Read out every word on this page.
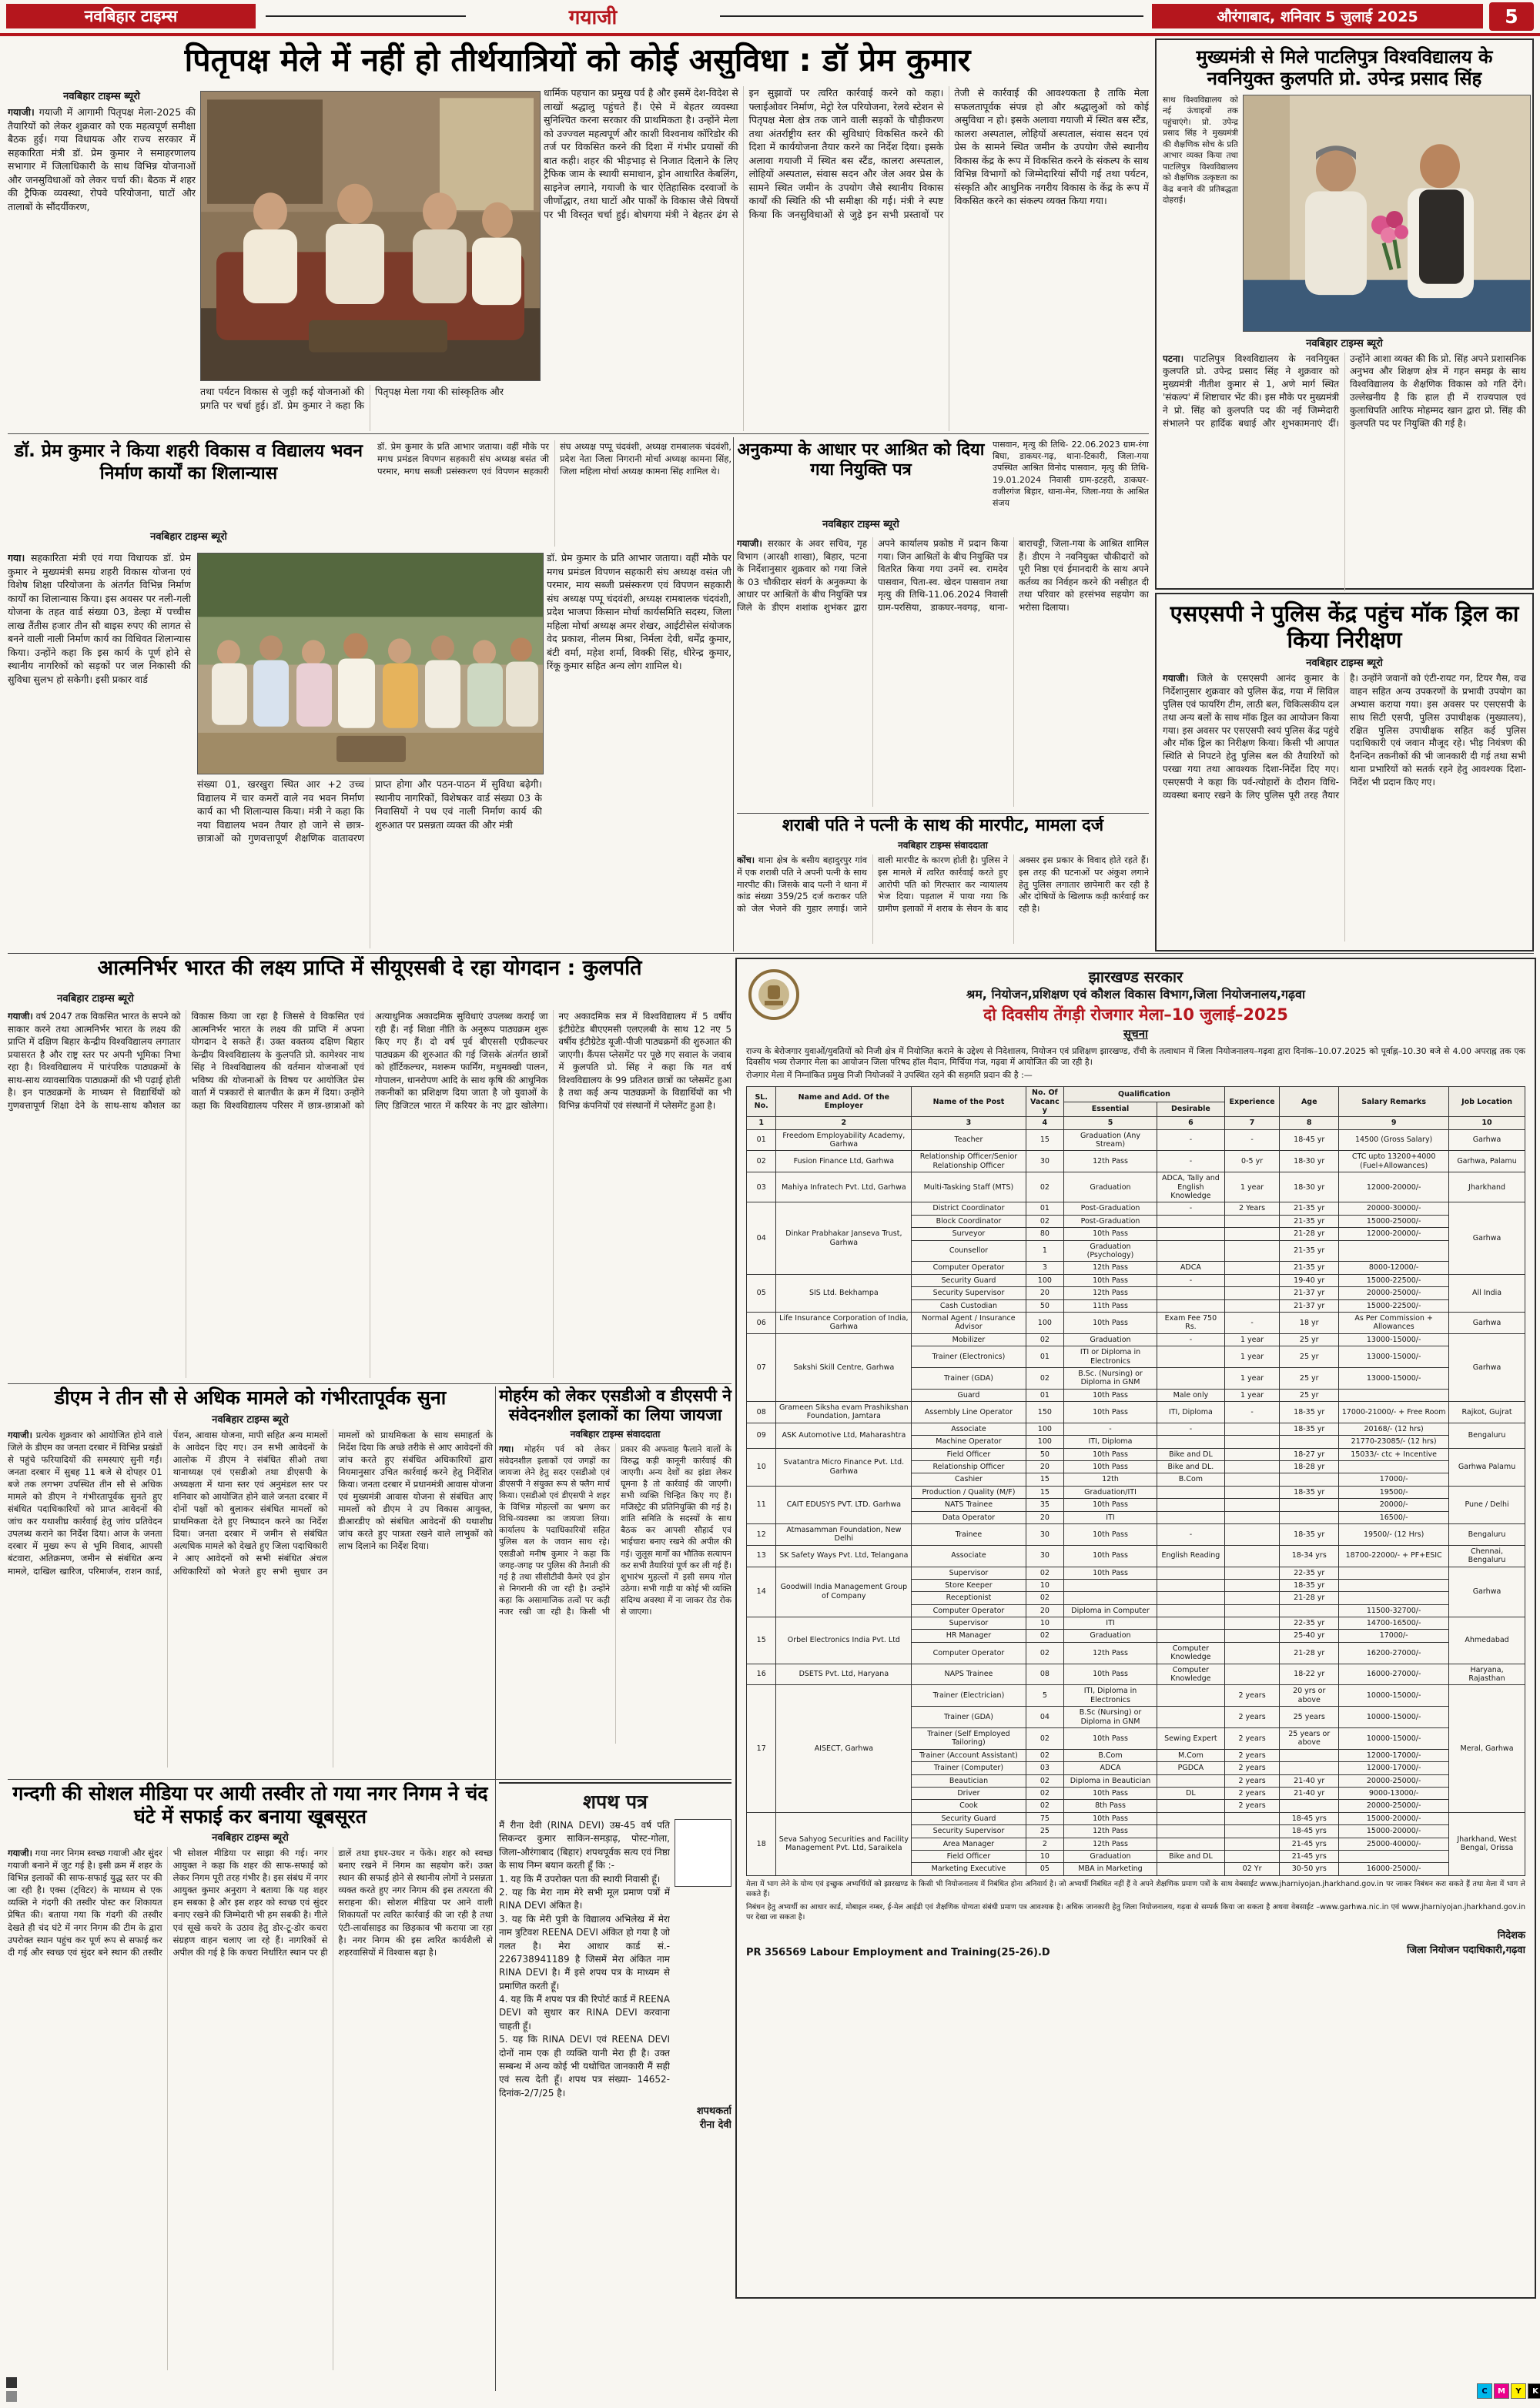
नवबिहार टाइम्स	गयाजी	औरंगाबाद, शनिवार 5 जुलाई 2025	5
पितृपक्ष मेले में नहीं हो तीर्थयात्रियों को कोई असुविधा : डॉ प्रेम कुमार
नवबिहार टाइम्स ब्यूरो
गयाजी। गयाजी में आगामी पितृपक्ष मेला-2025 की तैयारियों को लेकर शुक्रवार को एक महत्वपूर्ण समीक्षा बैठक हुई। गया विधायक और राज्य सरकार में सहकारिता मंत्री डॉ. प्रेम कुमार ने समाहरणालय सभागार में जिलाधिकारी के साथ विभिन्न योजनाओं और जनसुविधाओं को लेकर चर्चा की। बैठक में शहर की ट्रैफिक व्यवस्था, रोपवे परियोजना, घाटों और तालाबों के सौंदर्यीकरण,
तथा पर्यटन विकास से जुड़ी कई योजनाओं की प्रगति पर चर्चा हुई। डॉ. प्रेम कुमार ने कहा कि पितृपक्ष मेला गया की सांस्कृतिक और
धार्मिक पहचान का प्रमुख पर्व है और इसमें देश-विदेश से लाखों श्रद्धालु पहुंचते हैं। ऐसे में बेहतर व्यवस्था सुनिश्चित करना सरकार की प्राथमिकता है। उन्होंने मेला को उज्ज्वल महत्वपूर्ण और काशी विश्वनाथ कॉरिडोर की तर्ज पर विकसित करने की दिशा में गंभीर प्रयासों की बात कही। शहर की भीड़भाड़ से निजात दिलाने के लिए ट्रैफिक जाम के स्थायी समाधान, ड्रोन आधारित केबलिंग, साइनेज लगाने, गयाजी के चार ऐतिहासिक दरवाजों के जीर्णोद्धार, तथा घाटों और पार्कों के विकास जैसे विषयों पर भी विस्तृत चर्चा हुई। बोधगया मंत्री ने बेहतर ढंग से इन सुझावों पर त्वरित कार्रवाई करने को कहा। फ्लाईओवर निर्माण, मेट्रो रेल परियोजना, रेलवे स्टेशन से पितृपक्ष मेला क्षेत्र तक जाने वाली सड़कों के चौड़ीकरण तथा अंतर्राष्ट्रीय स्तर की सुविधाएं विकसित करने की दिशा में कार्ययोजना तैयार करने का निर्देश दिया। इसके अलावा गयाजी में स्थित बस स्टैंड, कालरा अस्पताल, लोहियों अस्पताल, संवास सदन और जेल अवर प्रेस के सामने स्थित जमीन के उपयोग जैसे स्थानीय विकास कार्यों की स्थिति की भी समीक्षा की गई। मंत्री ने स्पष्ट किया कि जनसुविधाओं से जुड़े इन सभी प्रस्तावों पर तेजी से कार्रवाई की आवश्यकता है ताकि मेला सफलतापूर्वक संपन्न हो और श्रद्धालुओं को कोई असुविधा न हो। इसके अलावा गयाजी में स्थित बस स्टैंड, कालरा अस्पताल, लोहियों अस्पताल, संवास सदन एवं प्रेस के सामने स्थित जमीन के उपयोग जैसे स्थानीय विकास केंद्र के रूप में विकसित करने के संकल्प के साथ विभिन्न विभागों को जिम्मेदारियां सौंपी गईं तथा पर्यटन, संस्कृति और आधुनिक नगरीय विकास के केंद्र के रूप में विकसित करने का संकल्प व्यक्त किया गया।
मुख्यमंत्री से मिले पाटलिपुत्र विश्वविद्यालय के नवनियुक्त कुलपति प्रो. उपेन्द्र प्रसाद सिंह
साथ विश्वविद्यालय को नई ऊंचाइयों तक पहुंचाएंगे। प्रो. उपेन्द्र प्रसाद सिंह ने मुख्यमंत्री की शैक्षणिक सोच के प्रति आभार व्यक्त किया तथा पाटलिपुत्र विश्वविद्यालय को शैक्षणिक उत्कृष्टता का केंद्र बनाने की प्रतिबद्धता दोहराई।
नवबिहार टाइम्स ब्यूरो
पटना। पाटलिपुत्र विश्वविद्यालय के नवनियुक्त कुलपति प्रो. उपेन्द्र प्रसाद सिंह ने शुक्रवार को मुख्यमंत्री नीतीश कुमार से 1, अणे मार्ग स्थित 'संकल्प' में शिष्टाचार भेंट की। इस मौके पर मुख्यमंत्री ने प्रो. सिंह को कुलपति पद की नई जिम्मेदारी संभालने पर हार्दिक बधाई और शुभकामनाएं दीं। उन्होंने आशा व्यक्त की कि प्रो. सिंह अपने प्रशासनिक अनुभव और शिक्षण क्षेत्र में गहन समझ के साथ विश्वविद्यालय के शैक्षणिक विकास को गति देंगे। उल्लेखनीय है कि हाल ही में राज्यपाल एवं कुलाधिपति आरिफ मोहम्मद खान द्वारा प्रो. सिंह की कुलपति पद पर नियुक्ति की गई है।
एसएसपी ने पुलिस केंद्र पहुंच मॉक ड्रिल का किया निरीक्षण
नवबिहार टाइम्स ब्यूरो
गयाजी। जिले के एसएसपी आनंद कुमार के निर्देशानुसार शुक्रवार को पुलिस केंद्र, गया में सिविल पुलिस एवं फायरिंग टीम, लाठी बल, चिकित्सकीय दल तथा अन्य बलों के साथ मॉक ड्रिल का आयोजन किया गया। इस अवसर पर एसएसपी स्वयं पुलिस केंद्र पहुंचे और मॉक ड्रिल का निरीक्षण किया। किसी भी आपात स्थिति से निपटने हेतु पुलिस बल की तैयारियों को परखा गया तथा आवश्यक दिशा-निर्देश दिए गए। एसएसपी ने कहा कि पर्व-त्योहारों के दौरान विधि-व्यवस्था बनाए रखने के लिए पुलिस पूरी तरह तैयार है। उन्होंने जवानों को एंटी-रायट गन, टियर गैस, वज्र वाहन सहित अन्य उपकरणों के प्रभावी उपयोग का अभ्यास कराया गया। इस अवसर पर एसएसपी के साथ सिटी एसपी, पुलिस उपाधीक्षक (मुख्यालय), रक्षित पुलिस उपाधीक्षक सहित कई पुलिस पदाधिकारी एवं जवान मौजूद रहे। भीड़ नियंत्रण की दैनन्दिन तकनीकों की भी जानकारी दी गई तथा सभी थाना प्रभारियों को सतर्क रहने हेतु आवश्यक दिशा-निर्देश भी प्रदान किए गए।
डॉ. प्रेम कुमार ने किया शहरी विकास व विद्यालय भवन निर्माण कार्यों का शिलान्यास
नवबिहार टाइम्स ब्यूरो
डॉ. प्रेम कुमार के प्रति आभार जताया। वहीं मौके पर मगध प्रमंडल विपणन सहकारी संघ अध्यक्ष बसंत जी परमार, मगध सब्जी प्रसंस्करण एवं विपणन सहकारी संघ अध्यक्ष पप्पू चंदवंशी, अध्यक्ष रामबालक चंदवंशी, प्रदेश नेता जिला निगरानी मोर्चा अध्यक्ष कामना सिंह, जिला महिला मोर्चा अध्यक्ष कामना सिंह शामिल थे।
गया। सहकारिता मंत्री एवं गया विधायक डॉ. प्रेम कुमार ने मुख्यमंत्री समग्र शहरी विकास योजना एवं विशेष शिक्षा परियोजना के अंतर्गत विभिन्न निर्माण कार्यों का शिलान्यास किया। इस अवसर पर नली-गली योजना के तहत वार्ड संख्या 03, डेल्हा में पच्चीस लाख तैंतीस हजार तीन सौ बाइस रुपए की लागत से बनने वाली नाली निर्माण कार्य का विधिवत शिलान्यास किया। उन्होंने कहा कि इस कार्य के पूर्ण होने से स्थानीय नागरिकों को सड़कों पर जल निकासी की सुविधा सुलभ हो सकेगी। इसी प्रकार वार्ड
संख्या 01, खरखुरा स्थित आर +2 उच्च विद्यालय में चार कमरों वाले नव भवन निर्माण कार्य का भी शिलान्यास किया। मंत्री ने कहा कि नया विद्यालय भवन तैयार हो जाने से छात्र-छात्राओं को गुणवत्तापूर्ण शैक्षणिक वातावरण प्राप्त होगा और पठन-पाठन में सुविधा बढ़ेगी। स्थानीय नागरिकों, विशेषकर वार्ड संख्या 03 के निवासियों ने पथ एवं नाली निर्माण कार्य की शुरुआत पर प्रसन्नता व्यक्त की और मंत्री
डॉ. प्रेम कुमार के प्रति आभार जताया। वहीं मौके पर मगध प्रमंडल विपणन सहकारी संघ अध्यक्ष वसंत जी परमार, माय सब्जी प्रसंस्करण एवं विपणन सहकारी संघ अध्यक्ष पप्पू चंदवंशी, अध्यक्ष रामबालक चंदवंशी, प्रदेश भाजपा किसान मोर्चा कार्यसमिति सदस्य, जिला महिला मोर्चा अध्यक्ष अमर शेखर, आईटीसेल संयोजक वेद प्रकाश, नीलम मिश्रा, निर्मला देवी, धर्मेंद्र कुमार, बंटी वर्मा, महेश शर्मा, विक्की सिंह, धीरेन्द्र कुमार, रिंकू कुमार सहित अन्य लोग शामिल थे।
अनुकम्पा के आधार पर आश्रित को दिया गया नियुक्ति पत्र
नवबिहार टाइम्स ब्यूरो
पासवान, मृत्यु की तिथि- 22.06.2023 ग्राम-रंगा बिघा, डाकघर-गढ़, थाना-टिकारी, जिला-गया उपस्थित आश्रित विनोद पासवान, मृत्यु की तिथि- 19.01.2024 निवासी ग्राम-इटहरी, डाकघर-वजीरगंज बिहार, थाना-मेन, जिला-गया के आश्रित संजय
गयाजी। सरकार के अवर सचिव, गृह विभाग (आरक्षी शाखा), बिहार, पटना के निर्देशानुसार शुक्रवार को गया जिले के 03 चौकीदार संवर्ग के अनुकम्पा के आधार पर आश्रितों के बीच नियुक्ति पत्र जिले के डीएम शशांक शुभंकर द्वारा अपने कार्यालय प्रकोष्ठ में प्रदान किया गया। जिन आश्रितों के बीच नियुक्ति पत्र वितरित किया गया उनमें स्व. रामदेव पासवान, पिता-स्व. खेदन पासवान तथा मृत्यु की तिथि-11.06.2024 निवासी ग्राम-परसिया, डाकघर-नवगढ़, थाना-बाराचट्टी, जिला-गया के आश्रित शामिल हैं। डीएम ने नवनियुक्त चौकीदारों को पूरी निष्ठा एवं ईमानदारी के साथ अपने कर्तव्य का निर्वहन करने की नसीहत दी तथा परिवार को हरसंभव सहयोग का भरोसा दिलाया।
शराबी पति ने पत्नी के साथ की मारपीट, मामला दर्ज
नवबिहार टाइम्स संवाददाता
कोंच। थाना क्षेत्र के बसीय बहादुरपुर गांव में एक शराबी पति ने अपनी पत्नी के साथ मारपीट की। जिसके बाद पत्नी ने थाना में कांड संख्या 359/25 दर्ज कराकर पति को जेल भेजने की गुहार लगाई। जाने वाली मारपीट के कारण होती है। पुलिस ने इस मामले में त्वरित कार्रवाई करते हुए आरोपी पति को गिरफ्तार कर न्यायालय भेज दिया। पड़ताल में पाया गया कि ग्रामीण इलाकों में शराब के सेवन के बाद अक्सर इस प्रकार के विवाद होते रहते हैं। इस तरह की घटनाओं पर अंकुश लगाने हेतु पुलिस लगातार छापेमारी कर रही है और दोषियों के खिलाफ कड़ी कार्रवाई कर रही है।
आत्मनिर्भर भारत की लक्ष्य प्राप्ति में सीयूएसबी दे रहा योगदान : कुलपति
नवबिहार टाइम्स ब्यूरो
गयाजी। वर्ष 2047 तक विकसित भारत के सपने को साकार करने तथा आत्मनिर्भर भारत के लक्ष्य की प्राप्ति में दक्षिण बिहार केन्द्रीय विश्वविद्यालय लगातार प्रयासरत है और राष्ट्र स्तर पर अपनी भूमिका निभा रहा है। विश्वविद्यालय में पारंपरिक पाठ्यक्रमों के साथ-साथ व्यावसायिक पाठ्यक्रमों की भी पढ़ाई होती है। इन पाठ्यक्रमों के माध्यम से विद्यार्थियों को गुणवत्तापूर्ण शिक्षा देने के साथ-साथ कौशल का विकास किया जा रहा है जिससे वे विकसित एवं आत्मनिर्भर भारत के लक्ष्य की प्राप्ति में अपना योगदान दे सकते हैं। उक्त वक्तव्य दक्षिण बिहार केन्द्रीय विश्वविद्यालय के कुलपति प्रो. कामेश्वर नाथ सिंह ने विश्वविद्यालय की वर्तमान योजनाओं एवं भविष्य की योजनाओं के विषय पर आयोजित प्रेस वार्ता में पत्रकारों से बातचीत के क्रम में दिया। उन्होंने कहा कि विश्वविद्यालय परिसर में छात्र-छात्राओं को अत्याधुनिक अकादमिक सुविधाएं उपलब्ध कराई जा रही हैं। नई शिक्षा नीति के अनुरूप पाठ्यक्रम शुरू किए गए हैं। दो वर्ष पूर्व बीएससी एग्रीकल्चर पाठ्यक्रम की शुरुआत की गई जिसके अंतर्गत छात्रों को हॉर्टिकल्चर, मशरूम फार्मिंग, मधुमक्खी पालन, गोपालन, धानरोपण आदि के साथ कृषि की आधुनिक तकनीकों का प्रशिक्षण दिया जाता है जो युवाओं के लिए डिजिटल भारत में करियर के नए द्वार खोलेगा। नए अकादमिक सत्र में विश्वविद्यालय में 5 वर्षीय इंटीग्रेटेड बीएएमसी एलएलबी के साथ 12 नए 5 वर्षीय इंटीग्रेटेड यूजी-पीजी पाठ्यक्रमों की शुरुआत की जाएगी। कैंपस प्लेसमेंट पर पूछे गए सवाल के जवाब में कुलपति प्रो. सिंह ने कहा कि गत वर्ष विश्वविद्यालय के 99 प्रतिशत छात्रों का प्लेसमेंट हुआ है तथा कई अन्य पाठ्यक्रमों के विद्यार्थियों का भी विभिन्न कंपनियों एवं संस्थानों में प्लेसमेंट हुआ है।
झारखण्ड सरकार
श्रम, नियोजन,प्रशिक्षण एवं कौशल विकास विभाग,जिला नियोजनालय,गढ़वा
दो दिवसीय तेंगड़ी रोजगार मेला–10 जुलाई–2025
सूचना
राज्य के बेरोजगार युवाओं/युवतियों को निजी क्षेत्र में नियोजित कराने के उद्देश्य से निदेशालय, नियोजन एवं प्रशिक्षण झारखण्ड, राँची के तत्वाधान में जिला नियोजनालय–गढ़वा द्वारा दिनांक–10.07.2025 को पूर्वाह्न–10.30 बजे से 4.00 अपराह्न तक एक दिवसीय भव्य रोजगार मेला का आयोजन जिला परिषद हॉल मैदान, मिर्चिया गंज, गढ़वा में आयोजित की जा रही है।
रोजगार मेला में निम्नांकित प्रमुख निजी नियोजकों ने उपस्थित रहने की सहमति प्रदान की है :—
SL. No.	Name and Add. Of the Employer	Name of the Post	No. Of Vacancy	Qualification		Experience	Age	Salary Remarks	Job Location
				Essential	Desirable				
1	2	3	4	5	6	7	8	9	10
01	Freedom Employability Academy, Garhwa	Teacher	15	Graduation (Any Stream)	-	-	18-45 yr	14500 (Gross Salary)	Garhwa
02	Fusion Finance Ltd, Garhwa	Relationship Officer/Senior Relationship Officer	30	12th Pass	-	0-5 yr	18-30 yr	CTC upto 13200+4000 (Fuel+Allowances)	Garhwa, Palamu
03	Mahiya Infratech Pvt. Ltd, Garhwa	Multi-Tasking Staff (MTS)	02	Graduation	ADCA, Tally and English Knowledge	1 year	18-30 yr	12000-20000/-	Jharkhand
04	Dinkar Prabhakar Janseva Trust, Garhwa	District Coordinator	01	Post-Graduation	-	2 Years	21-35 yr	20000-30000/-	Garhwa
		Block Coordinator	02	Post-Graduation			21-35 yr	15000-25000/-	
		Surveyor	80	10th Pass			21-28 yr	12000-20000/-	
		Counsellor	1	Graduation (Psychology)			21-35 yr		
		Computer Operator	3	12th Pass	ADCA		21-35 yr	8000-12000/-	
05	SIS Ltd. Bekhampa	Security Guard	100	10th Pass	-		19-40 yr	15000-22500/-	All India
		Security Supervisor	20	12th Pass			21-37 yr	20000-25000/-	
		Cash Custodian	50	11th Pass			21-37 yr	15000-22500/-	
06	Life Insurance Corporation of India, Garhwa	Normal Agent / Insurance Advisor	100	10th Pass	Exam Fee 750 Rs.	-	18 yr	As Per Commission + Allowances	Garhwa
07	Sakshi Skill Centre, Garhwa	Mobilizer	02	Graduation	-	1 year	25 yr	13000-15000/-	Garhwa
		Trainer (Electronics)	01	ITI or Diploma in Electronics		1 year	25 yr	13000-15000/-	
		Trainer (GDA)	02	B.Sc. (Nursing) or Diploma in GNM		1 year	25 yr	13000-15000/-	
		Guard	01	10th Pass	Male only	1 year	25 yr		
08	Grameen Siksha evam Prashikshan Foundation, Jamtara	Assembly Line Operator	150	10th Pass	ITI, Diploma	-	18-35 yr	17000-21000/- + Free Room	Rajkot, Gujrat
09	ASK Automotive Ltd, Maharashtra	Associate	100	-	-		18-35 yr	20168/- (12 hrs)	Bengaluru
		Machine Operator	100	ITI, Diploma				21770-23085/- (12 hrs)	
10	Svatantra Micro Finance Pvt. Ltd. Garhwa	Field Officer	50	10th Pass	Bike and DL		18-27 yr	15033/- ctc + Incentive	Garhwa Palamu
		Relationship Officer	20	10th Pass	Bike and DL.		18-28 yr		
		Cashier	15	12th	B.Com			17000/-	
11	CAIT EDUSYS PVT. LTD. Garhwa	Production / Quality (M/F)	15	Graduation/ITI			18-35 yr	19500/-	Pune / Delhi
		NATS Trainee	35	10th Pass				20000/-	
		Data Operator	20	ITI				16500/-	
12	Atmasamman Foundation, New Delhi	Trainee	30	10th Pass	-		18-35 yr	19500/- (12 Hrs)	Bengaluru
13	SK Safety Ways Pvt. Ltd, Telangana	Associate	30	10th Pass	English Reading		18-34 yrs	18700-22000/- + PF+ESIC	Chennai, Bengaluru
14	Goodwill India Management Group of Company	Supervisor	02	10th Pass			22-35 yr		Garhwa
		Store Keeper	10				18-35 yr		
		Receptionist	02				21-28 yr		
		Computer Operator	20	Diploma in Computer				11500-32700/-	
15	Orbel Electronics India Pvt. Ltd	Supervisor	10	ITI			22-35 yr	14700-16500/-	Ahmedabad
		HR Manager	02	Graduation			25-40 yr	17000/-	
		Computer Operator	02	12th Pass	Computer Knowledge		21-28 yr	16200-27000/-	
16	DSETS Pvt. Ltd, Haryana	NAPS Trainee	08	10th Pass	Computer Knowledge		18-22 yr	16000-27000/-	Haryana, Rajasthan
17	AISECT, Garhwa	Trainer (Electrician)	5	ITI, Diploma in Electronics		2 years	20 yrs or above	10000-15000/-	Meral, Garhwa
		Trainer (GDA)	04	B.Sc (Nursing) or Diploma in GNM		2 years	25 years	10000-15000/-	
		Trainer (Self Employed Tailoring)	02	10th Pass	Sewing Expert	2 years	25 years or above	10000-15000/-	
		Trainer (Account Assistant)	02	B.Com	M.Com	2 years		12000-17000/-	
		Trainer (Computer)	03	ADCA	PGDCA	2 years		12000-17000/-	
		Beautician	02	Diploma in Beautician		2 years	21-40 yr	20000-25000/-	
		Driver	02	10th Pass	DL	2 years	21-40 yr	9000-13000/-	
		Cook	02	8th Pass		2 years		20000-25000/-	
18	Seva Sahyog Securities and Facility Management Pvt. Ltd, Saraikela	Security Guard	75	10th Pass			18-45 yrs	15000-20000/-	Jharkhand, West Bengal, Orissa
		Security Supervisor	25	12th Pass			18-45 yrs	15000-20000/-	
		Area Manager	2	12th Pass			21-45 yrs	25000-40000/-	
		Field Officer	10	Graduation	Bike and DL		21-45 yrs		
		Marketing Executive	05	MBA in Marketing		02 Yr	30-50 yrs	16000-25000/-	
मेला में भाग लेने के योग्य एवं इच्छुक अभ्यर्थियों को झारखण्ड के किसी भी नियोजनालय में निबंधित होना अनिवार्य है। जो अभ्यर्थी निबंधित नहीं हैं वे अपने शैक्षणिक प्रमाण पत्रों के साथ वेबसाईट www.jharniyojan.jharkhand.gov.in पर जाकर निबंधन करा सकते हैं तथा मेला में भाग ले सकते हैं।
निबंधन हेतु अभ्यर्थी का आधार कार्ड, मोबाइल नम्बर, ई-मेल आईडी एवं शैक्षणिक योग्यता संबंधी प्रमाण पत्र आवश्यक है। अधिक जानकारी हेतु जिला नियोजनालय, गढ़वा से सम्पर्क किया जा सकता है अथवा वेबसाईट –www.garhwa.nic.in एवं www.jharniyojan.jharkhand.gov.in पर देखा जा सकता है।
PR 356569 Labour Employment and Training(25-26).D
निदेशक
जिला नियोजन पदाधिकारी,गढ़वा
डीएम ने तीन सौ से अधिक मामले को गंभीरतापूर्वक सुना
नवबिहार टाइम्स ब्यूरो
गयाजी। प्रत्येक शुक्रवार को आयोजित होने वाले जिले के डीएम का जनता दरबार में विभिन्न प्रखंडों से पहुंचे फरियादियों की समस्याएं सुनी गईं। जनता दरबार में सुबह 11 बजे से दोपहर 01 बजे तक लगभग उपस्थित तीन सौ से अधिक मामले को डीएम ने गंभीरतापूर्वक सुनते हुए संबंधित पदाधिकारियों को प्राप्त आवेदनों की जांच कर यथाशीघ्र कार्रवाई हेतु जांच प्रतिवेदन उपलब्ध कराने का निर्देश दिया। आज के जनता दरबार में मुख्य रूप से भूमि विवाद, आपसी बंटवारा, अतिक्रमण, जमीन से संबंधित अन्य मामले, दाखिल खारिज, परिमार्जन, राशन कार्ड, पेंशन, आवास योजना, मापी सहित अन्य मामलों के आवेदन दिए गए। उन सभी आवेदनों के आलोक में डीएम ने संबंधित सीओ तथा थानाध्यक्ष एवं एसडीओ तथा डीएसपी के अध्यक्षता में थाना स्तर एवं अनुमंडल स्तर पर शनिवार को आयोजित होने वाले जनता दरबार में दोनों पक्षों को बुलाकर संबंधित मामलों को प्राथमिकता देते हुए निष्पादन करने का निर्देश दिया। जनता दरबार में जमीन से संबंधित अत्यधिक मामले को देखते हुए जिला पदाधिकारी ने आए आवेदनों को सभी संबंधित अंचल अधिकारियों को भेजते हुए सभी सुधार उन मामलों को प्राथमिकता के साथ समाहर्ता के निर्देश दिया कि अच्छे तरीके से आए आवेदनों की जांच करते हुए संबंधित अधिकारियों द्वारा नियमानुसार उचित कार्रवाई करने हेतु निर्देशित किया। जनता दरबार में प्रधानमंत्री आवास योजना एवं मुख्यमंत्री आवास योजना से संबंधित आए मामलों को डीएम ने उप विकास आयुक्त, डीआरडीए को संबंधित आवेदनों की यथाशीघ्र जांच करते हुए पात्रता रखने वाले लाभुकों को लाभ दिलाने का निर्देश दिया।
मोहर्रम को लेकर एसडीओ व डीएसपी ने संवेदनशील इलाकों का लिया जायजा
नवबिहार टाइम्स संवाददाता
गया। मोहर्रम पर्व को लेकर संवेदनशील इलाकों एवं जगहों का जायजा लेने हेतु सदर एसडीओ एवं डीएसपी ने संयुक्त रूप से फ्लैग मार्च किया। एसडीओ एवं डीएसपी ने शहर के विभिन्न मोहल्लों का भ्रमण कर विधि-व्यवस्था का जायजा लिया। कार्यालय के पदाधिकारियों सहित पुलिस बल के जवान साथ रहे। एसडीओ मनीष कुमार ने कहा कि जगह-जगह पर पुलिस की तैनाती की गई है तथा सीसीटीवी कैमरे एवं ड्रोन से निगरानी की जा रही है। उन्होंने कहा कि असामाजिक तत्वों पर कड़ी नजर रखी जा रही है। किसी भी प्रकार की अफवाह फैलाने वालों के विरुद्ध कड़ी कानूनी कार्रवाई की जाएगी। अन्य देशों का झंडा लेकर घूमना है तो कार्रवाई की जाएगी। सभी व्यक्ति चिन्हित किए गए हैं। मजिस्ट्रेट की प्रतिनियुक्ति की गई है। शांति समिति के सदस्यों के साथ बैठक कर आपसी सौहार्द एवं भाईचारा बनाए रखने की अपील की गई। जुलूस मार्गों का भौतिक सत्यापन कर सभी तैयारियां पूर्ण कर ली गई हैं। शुभारंभ मुहल्लों में इसी समय गोल उठेगा। सभी गाड़ी या कोई भी व्यक्ति संदिग्ध अवस्था में ना जाकर रोड रोक से जाएगा।
गन्दगी की सोशल मीडिया पर आयी तस्वीर तो गया नगर निगम ने चंद घंटे में सफाई कर बनाया खूबसूरत
नवबिहार टाइम्स ब्यूरो
गयाजी। गया नगर निगम स्वच्छ गयाजी और सुंदर गयाजी बनाने में जुट गई है। इसी क्रम में शहर के विभिन्न इलाकों की साफ-सफाई युद्ध स्तर पर की जा रही है। एक्स (ट्विटर) के माध्यम से एक व्यक्ति ने गंदगी की तस्वीर पोस्ट कर शिकायत प्रेषित की। बताया गया कि गंदगी की तस्वीर देखते ही चंद घंटे में नगर निगम की टीम के द्वारा उपरोक्त स्थान पहुंच कर पूर्ण रूप से सफाई कर दी गई और स्वच्छ एवं सुंदर बने स्थान की तस्वीर भी सोशल मीडिया पर साझा की गई। नगर आयुक्त ने कहा कि शहर की साफ-सफाई को लेकर निगम पूरी तरह गंभीर है। इस संबंध में नगर आयुक्त कुमार अनुराग ने बताया कि यह शहर हम सबका है और इस शहर को स्वच्छ एवं सुंदर बनाए रखने की जिम्मेदारी भी हम सबकी है। गीले एवं सूखे कचरे के उठाव हेतु डोर-टू-डोर कचरा संग्रहण वाहन चलाए जा रहे हैं। नागरिकों से अपील की गई है कि कचरा निर्धारित स्थान पर ही डालें तथा इधर-उधर न फेंके। शहर को स्वच्छ बनाए रखने में निगम का सहयोग करें। उक्त स्थान की सफाई होने से स्थानीय लोगों ने प्रसन्नता व्यक्त करते हुए नगर निगम की इस तत्परता की सराहना की। सोशल मीडिया पर आने वाली शिकायतों पर त्वरित कार्रवाई की जा रही है तथा एंटी-लार्वासाइड का छिड़काव भी कराया जा रहा है। नगर निगम की इस त्वरित कार्यशैली से शहरवासियों में विश्वास बढ़ा है।
शपथ पत्र
मैं रीना देवी (RINA DEVI) उम्र-45 वर्ष पति सिकन्दर कुमार साकिन-समड़ाढ़, पोस्ट-गोला, जिला-औरंगाबाद (बिहार) शपथपूर्वक सत्य एवं निष्ठा के साथ निम्न बयान करती हूँ कि :-
1. यह कि मैं उपरोक्त पता की स्थायी निवासी हूँ।
2. यह कि मेरा नाम मेरे सभी मूल प्रमाण पत्रों में RINA DEVI अंकित है।
3. यह कि मेरी पुत्री के विद्यालय अभिलेख में मेरा नाम त्रुटिवश REENA DEVI अंकित हो गया है जो गलत है। मेरा आधार कार्ड सं.- 226738941189 है जिसमें मेरा अंकित नाम RINA DEVI है। मैं इसे शपथ पत्र के माध्यम से प्रमाणित करती हूँ।
4. यह कि मैं शपथ पत्र की रिपोर्ट कार्ड में REENA DEVI को सुधार कर RINA DEVI करवाना चाहती हूँ।
5. यह कि RINA DEVI एवं REENA DEVI दोनों नाम एक ही व्यक्ति यानी मेरा ही है। उक्त सम्बन्ध में अन्य कोई भी यथोचित जानकारी मैं सही एवं सत्य देती हूँ। शपथ पत्र संख्या- 14652- दिनांक-2/7/25 है।
शपथकर्ता
रीना देवी
C	M	Y	K
